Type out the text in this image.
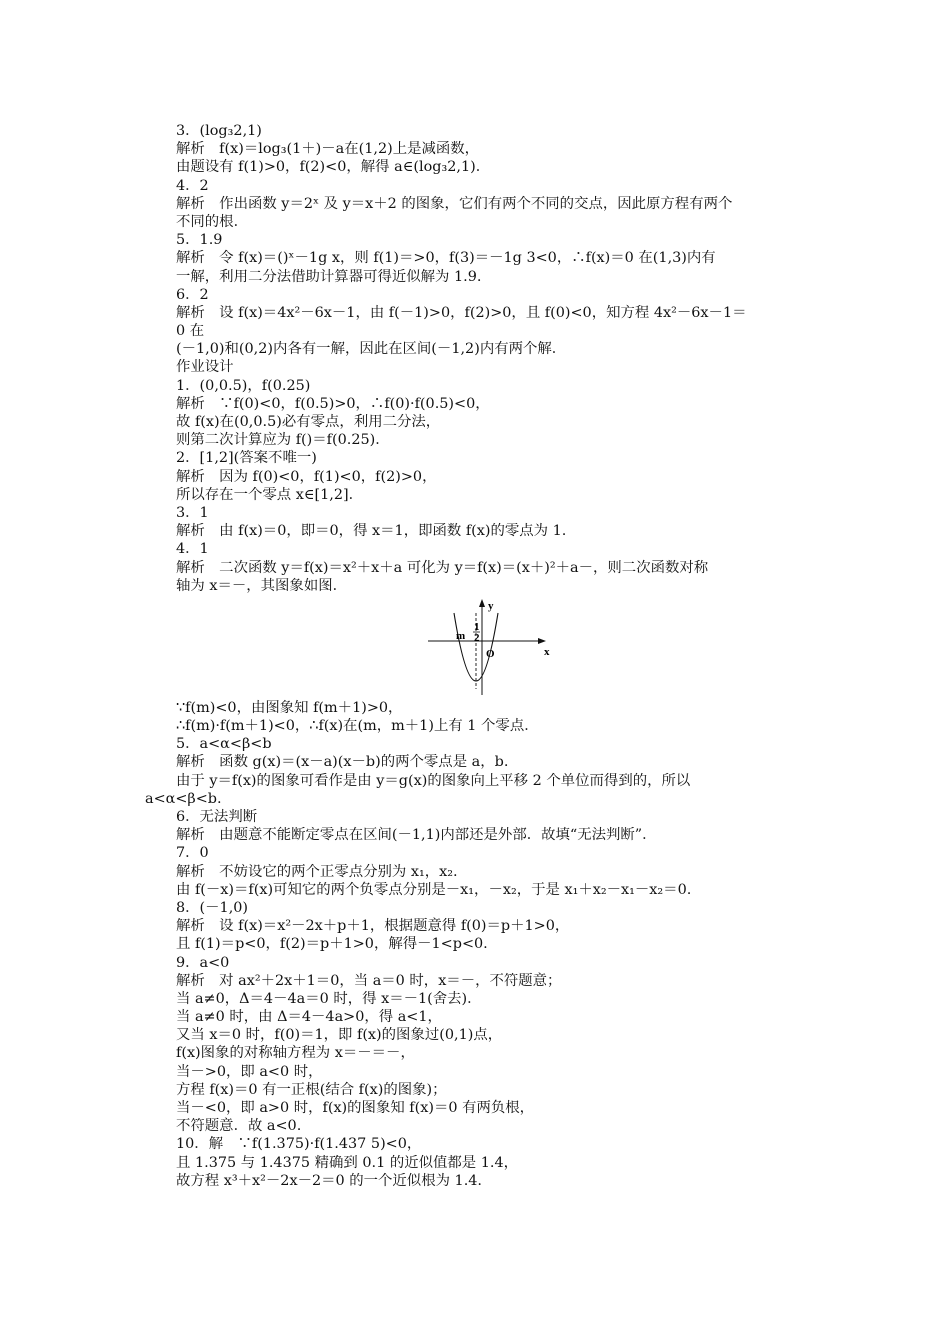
3．(log₃2,1)
解析　f(x)＝log₃(1＋)－a在(1,2)上是减函数，
由题设有 f(1)>0，f(2)<0，解得 a∈(log₃2,1)．
4．2
解析　作出函数 y＝2ˣ 及 y＝x＋2 的图象，它们有两个不同的交点，因此原方程有两个
不同的根．
5．1.9
解析　令 f(x)＝()ˣ－1g x，则 f(1)＝>0，f(3)＝－1g 3<0，∴f(x)＝0 在(1,3)内有
一解，利用二分法借助计算器可得近似解为 1.9.
6．2
解析　设 f(x)＝4x²－6x－1，由 f(－1)>0，f(2)>0，且 f(0)<0，知方程 4x²－6x－1＝
0 在
(－1,0)和(0,2)内各有一解，因此在区间(－1,2)内有两个解．
作业设计
1．(0,0.5)，f(0.25)
解析　∵f(0)<0，f(0.5)>0，∴f(0)·f(0.5)<0，
故 f(x)在(0,0.5)必有零点，利用二分法，
则第二次计算应为 f()＝f(0.25)．
2．[1,2](答案不唯一)
解析　因为 f(0)<0，f(1)<0，f(2)>0，
所以存在一个零点 x∈[1,2]．
3．1
解析　由 f(x)＝0，即＝0，得 x＝1，即函数 f(x)的零点为 1.
4．1
解析　二次函数 y＝f(x)＝x²＋x＋a 可化为 y＝f(x)＝(x＋)²＋a－，则二次函数对称
轴为 x＝－，其图象如图．
y
x
O
m
1
2
∵f(m)<0，由图象知 f(m＋1)>0，
∴f(m)·f(m＋1)<0，∴f(x)在(m，m＋1)上有 1 个零点．
5．a<α<β<b
解析　函数 g(x)＝(x－a)(x－b)的两个零点是 a，b.
由于 y＝f(x)的图象可看作是由 y＝g(x)的图象向上平移 2 个单位而得到的，所以
a<α<β<b.
6．无法判断
解析　由题意不能断定零点在区间(－1,1)内部还是外部．故填“无法判断”．
7．0
解析　不妨设它的两个正零点分别为 x₁，x₂.
由 f(－x)＝f(x)可知它的两个负零点分别是－x₁，－x₂，于是 x₁＋x₂－x₁－x₂＝0.
8．(－1,0)
解析　设 f(x)＝x²－2x＋p＋1，根据题意得 f(0)＝p＋1>0，
且 f(1)＝p<0，f(2)＝p＋1>0，解得－1<p<0.
9．a<0
解析　对 ax²＋2x＋1＝0，当 a＝0 时，x＝－，不符题意；
当 a≠0，Δ＝4－4a＝0 时，得 x＝－1(舍去)．
当 a≠0 时，由 Δ＝4－4a>0，得 a<1，
又当 x＝0 时，f(0)＝1，即 f(x)的图象过(0,1)点，
f(x)图象的对称轴方程为 x＝－＝－，
当－>0，即 a<0 时，
方程 f(x)＝0 有一正根(结合 f(x)的图象)；
当－<0，即 a>0 时，f(x)的图象知 f(x)＝0 有两负根，
不符题意．故 a<0.
10．解　∵f(1.375)·f(1.437 5)<0，
且 1.375 与 1.4375 精确到 0.1 的近似值都是 1.4，
故方程 x³＋x²－2x－2＝0 的一个近似根为 1.4.
